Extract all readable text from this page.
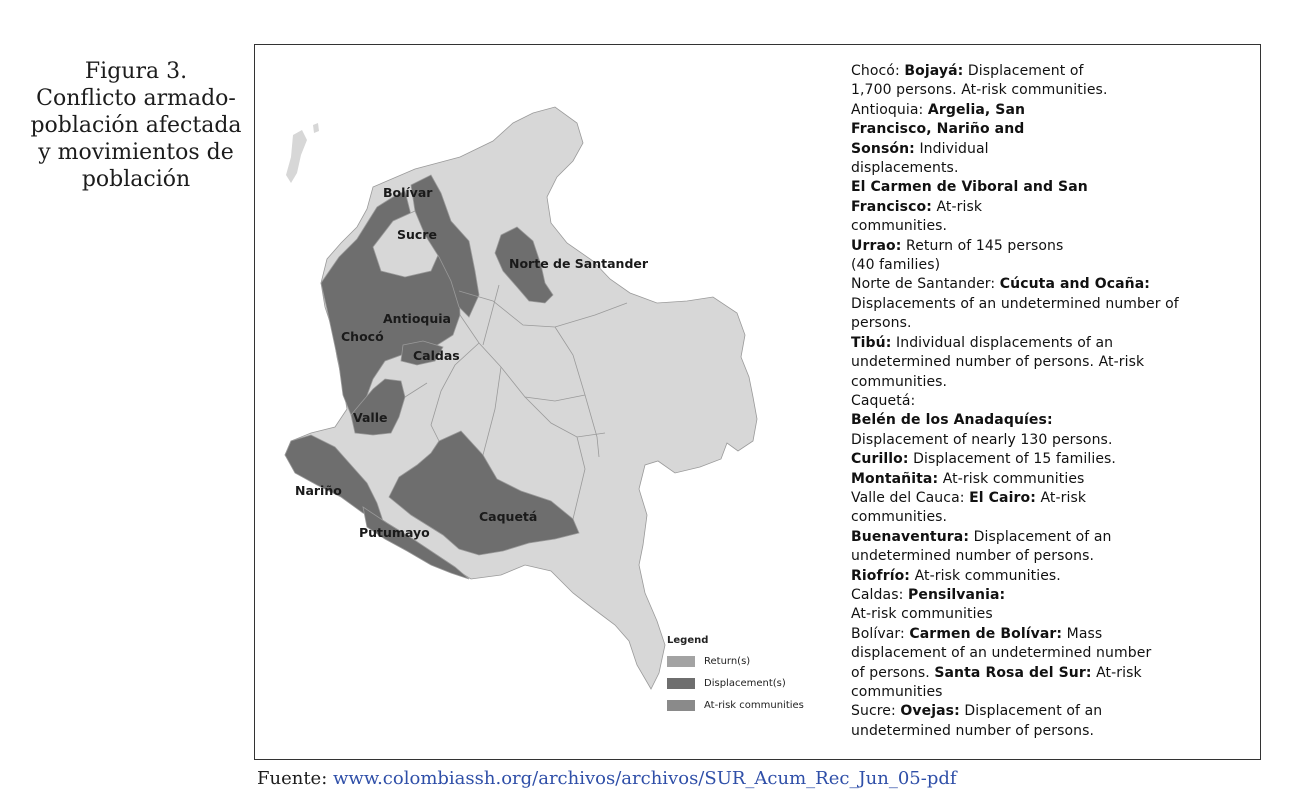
Figura 3.
Conflicto armado-
población afectada
y movimientos de
población
Bolívar
Sucre
Norte de Santander
Antioquia
Chocó
Caldas
Valle
Nariño
Caquetá
Putumayo
Legend
Return(s)
Displacement(s)
At-risk communities
Chocó: Bojayá: Displacement of
1,700 persons. At-risk communities.
Antioquia: Argelia, San
Francisco, Nariño and
Sonsón: Individual
displacements.
El Carmen de Viboral and San
Francisco: At-risk
communities.
Urrao: Return of 145 persons
(40 families)
Norte de Santander: Cúcuta and Ocaña:
Displacements of an undetermined number of
persons.
Tibú: Individual displacements of an
undetermined number of persons. At-risk
communities.
Caquetá:
Belén de los Anadaquíes:
Displacement of nearly 130 persons.
Curillo: Displacement of 15 families.
Montañita: At-risk communities
Valle del Cauca: El Cairo: At-risk
communities.
Buenaventura: Displacement of an
undetermined number of persons.
Riofrío: At-risk communities.
Caldas: Pensilvania:
At-risk communities
Bolívar: Carmen de Bolívar: Mass
displacement of an undetermined number
of persons. Santa Rosa del Sur: At-risk
communities
Sucre: Ovejas: Displacement of an
undetermined number of persons.
Fuente: www.colombiassh.org/archivos/archivos/SUR_Acum_Rec_Jun_05-pdf
